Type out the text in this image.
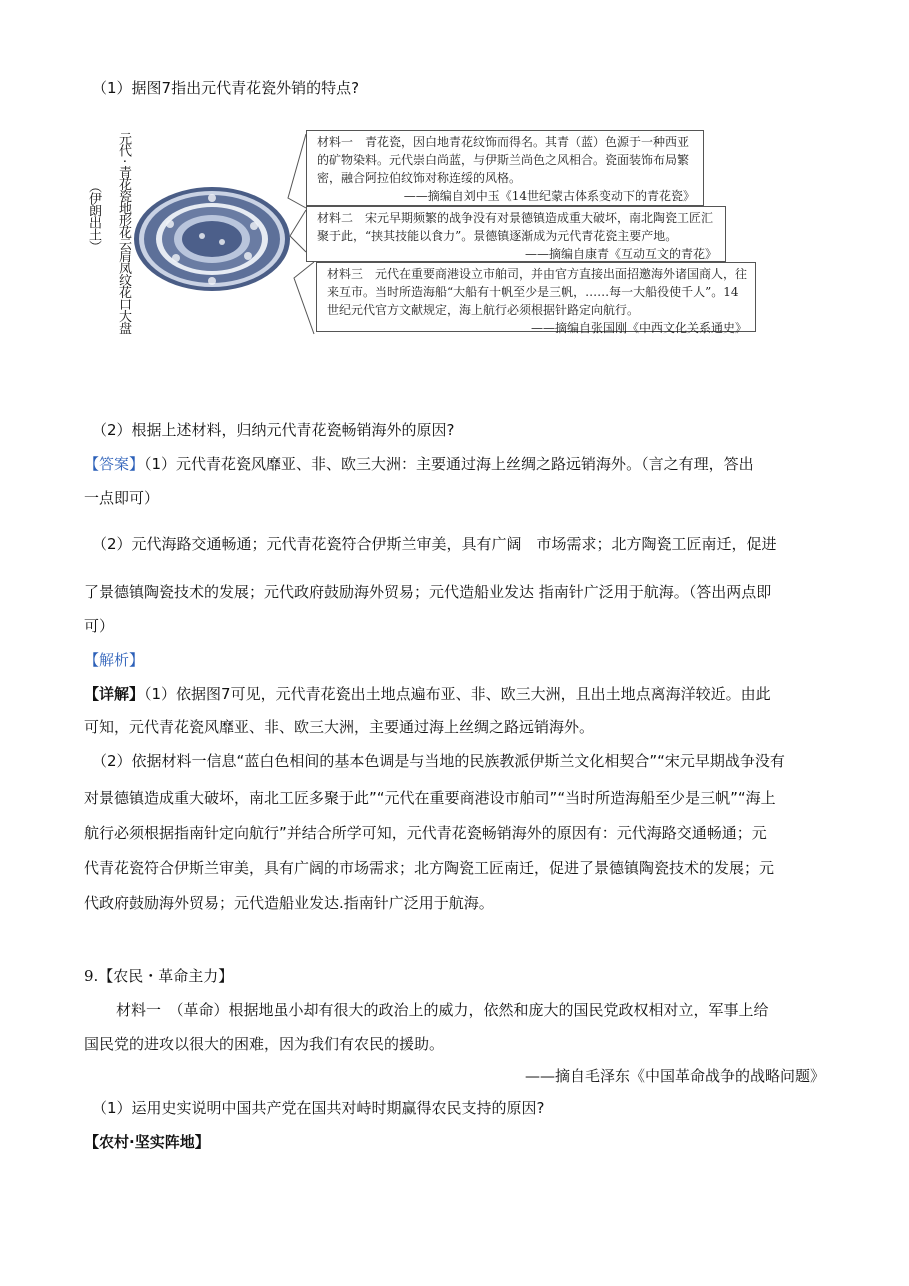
（1）据图7指出元代青花瓷外销的特点?
元代 · 青花瓷地形花云肩凤纹花口大盘
（伊朗出土）

材料一　青花瓷，因白地青花纹饰而得名。其青（蓝）色源于一种西亚的矿物染料。元代崇白尚蓝，与伊斯兰尚色之风相合。瓷面装饰布局繁密，融合阿拉伯纹饰对称连绥的风格。

——摘编自刘中玉《14世纪蒙古体系变动下的青花瓷》

材料二　宋元早期频繁的战争没有对景德镇造成重大破坏，南北陶瓷工匠汇聚于此，“挟其技能以食力”。景德镇逐渐成为元代青花瓷主要产地。

——摘编自康青《互动互文的青花》

材料三　元代在重要商港设立市舶司，并由官方直接出面招邀海外诸国商人，往来互市。当时所造海船“大船有十帆至少是三帆，……每一大船役使千人”。14世纪元代官方文献规定，海上航行必须根据针路定向航行。

——摘编自张国刚《中西文化关系通史》
（2）根据上述材料，归纳元代青花瓷畅销海外的原因?
【答案】（1）元代青花瓷风靡亚、非、欧三大洲：主要通过海上丝绸之路远销海外。（言之有理，答出
一点即可）
（2）元代海路交通畅通；元代青花瓷符合伊斯兰审美，具有广阔　市场需求；北方陶瓷工匠南迁，促进
了景德镇陶瓷技术的发展；元代政府鼓励海外贸易；元代造船业发达 指南针广泛用于航海。（答出两点即
可）
【解析】
【详解】（1）依据图7可见，元代青花瓷出土地点遍布亚、非、欧三大洲，且出土地点离海洋较近。由此
可知，元代青花瓷风靡亚、非、欧三大洲，主要通过海上丝绸之路远销海外。
（2）依据材料一信息“蓝白色相间的基本色调是与当地的民族教派伊斯兰文化相契合”“宋元早期战争没有
对景德镇造成重大破坏，南北工匠多聚于此”“元代在重要商港设市舶司”“当时所造海船至少是三帆”“海上
航行必须根据指南针定向航行”并结合所学可知，元代青花瓷畅销海外的原因有：元代海路交通畅通；元
代青花瓷符合伊斯兰审美，具有广阔的市场需求；北方陶瓷工匠南迁，促进了景德镇陶瓷技术的发展；元
代政府鼓励海外贸易；元代造船业发达.指南针广泛用于航海。
9.【农民・革命主力】
材料一　（革命）根据地虽小却有很大的政治上的威力，依然和庞大的国民党政权相对立，军事上给
国民党的进攻以很大的困难，因为我们有农民的援助。
——摘自毛泽东《中国革命战争的战略问题》
（1）运用史实说明中国共产党在国共对峙时期赢得农民支持的原因?
【农村·坚实阵地】
